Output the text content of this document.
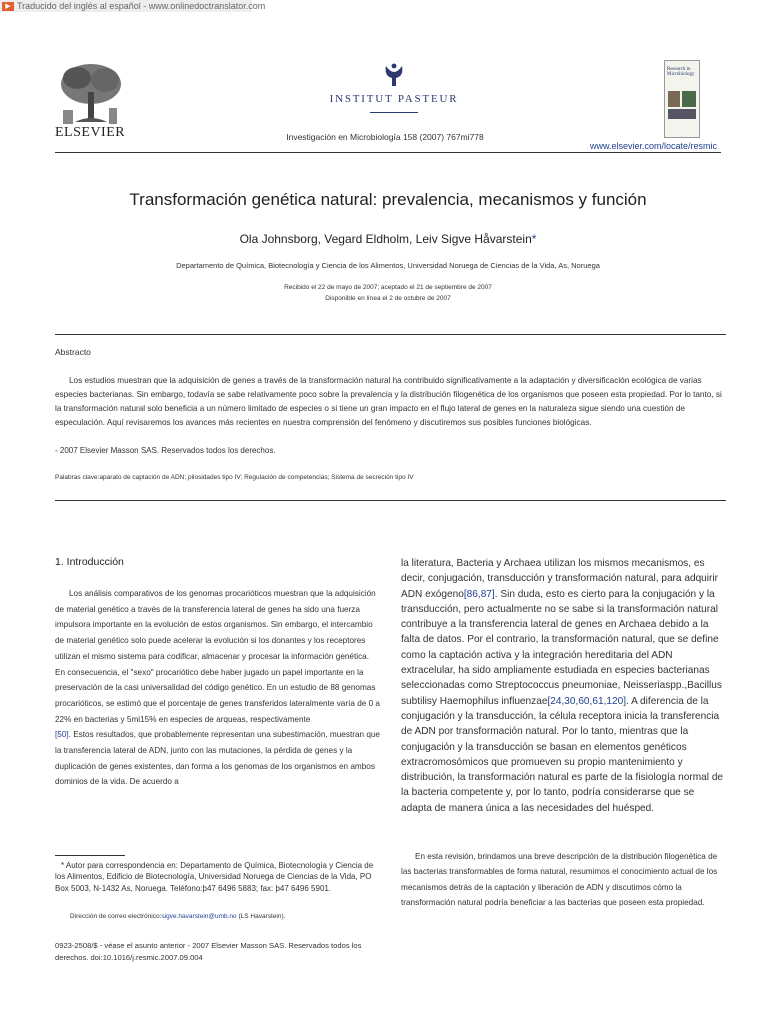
▶ Traducido del inglés al español - www.onlinedoctranslator.com
ELSEVIER
INSTITUT PASTEUR
Investigación en Microbiología 158 (2007) 767mi778
Research in Microbiology
www.elsevier.com/locate/resmic
Transformación genética natural: prevalencia, mecanismos y función
Ola Johnsborg, Vegard Eldholm, Leiv Sigve Håvarstein*
Departamento de Química, Biotecnología y Ciencia de los Alimentos, Universidad Noruega de Ciencias de la Vida, As, Noruega
Recibido el 22 de mayo de 2007; aceptado el 21 de septiembre de 2007
Disponible en línea el 2 de octubre de 2007
Abstracto

Los estudios muestran que la adquisición de genes a través de la transformación natural ha contribuido significativamente a la adaptación y diversificación ecológica de varias especies bacterianas. Sin embargo, todavía se sabe relativamente poco sobre la prevalencia y la distribución filogenética de los organismos que poseen esta propiedad. Por lo tanto, si la transformación natural solo beneficia a un número limitado de especies o si tiene un gran impacto en el flujo lateral de genes en la naturaleza sigue siendo una cuestión de especulación. Aquí revisaremos los avances más recientes en nuestra comprensión del fenómeno y discutiremos sus posibles funciones biológicas.

- 2007 Elsevier Masson SAS. Reservados todos los derechos.
Palabras clave:aparato de captación de ADN; pilosidades tipo IV; Regulación de competencias; Sistema de secreción tipo IV
1. Introducción

Los análisis comparativos de los genomas procarióticos muestran que la adquisición de material genético a través de la transferencia lateral de genes ha sido una fuerza impulsora importante en la evolución de estos organismos. Sin embargo, el intercambio de material genético solo puede acelerar la evolución si los donantes y los receptores utilizan el mismo sistema para codificar, almacenar y procesar la información genética. En consecuencia, el "sexo" procariótico debe haber jugado un papel importante en la preservación de la casi universalidad del código genético. En un estudio de 88 genomas procarióticos, se estimó que el porcentaje de genes transferidos lateralmente varía de 0 a 22% en bacterias y 5mi15% en especies de arqueas, respectivamente
[50]. Estos resultados, que probablemente representan una subestimación, muestran que la transferencia lateral de ADN, junto con las mutaciones, la pérdida de genes y la duplicación de genes existentes, dan forma a los genomas de los organismos en ambos dominios de la vida. De acuerdo a

la literatura, Bacteria y Archaea utilizan los mismos mecanismos, es decir, conjugación, transducción y transformación natural, para adquirir ADN exógeno[86,87]. Sin duda, esto es cierto para la conjugación y la transducción, pero actualmente no se sabe si la transformación natural contribuye a la transferencia lateral de genes en Archaea debido a la falta de datos. Por el contrario, la transformación natural, que se define como la captación activa y la integración hereditaria del ADN extracelular, ha sido ampliamente estudiada en especies bacterianas seleccionadas como Streptococcus pneumoniae, Neisseriaspp.,Bacillus subtilisy Haemophilus influenzae[24,30,60,61,120]. A diferencia de la conjugación y la transducción, la célula receptora inicia la transferencia de ADN por transformación natural. Por lo tanto, mientras que la conjugación y la transducción se basan en elementos genéticos extracromosómicos que promueven su propio mantenimiento y distribución, la transformación natural es parte de la fisiología normal de la bacteria competente y, por lo tanto, podría considerarse que se adapta de manera única a las necesidades del huésped.

En esta revisión, brindamos una breve descripción de la distribución filogenética de las bacterias transformables de forma natural, resumimos el conocimiento actual de los mecanismos detrás de la captación y liberación de ADN y discutimos cómo la transformación natural podría beneficiar a las bacterias que poseen esta propiedad.

* Autor para correspondencia en: Departamento de Química, Biotecnología y Ciencia de los Alimentos, Edificio de Biotecnología, Universidad Noruega de Ciencias de la Vida, PO Box 5003, N-1432 As, Noruega. Teléfono:þ47 6496 5883; fax: þ47 6496 5901.

Dirección de correo electrónico:sigve.havarstein@umb.no (LS Havarstein).

0923-2508/$ - véase el asunto anterior - 2007 Elsevier Masson SAS. Reservados todos los derechos. doi:10.1016/j.resmic.2007.09.004
